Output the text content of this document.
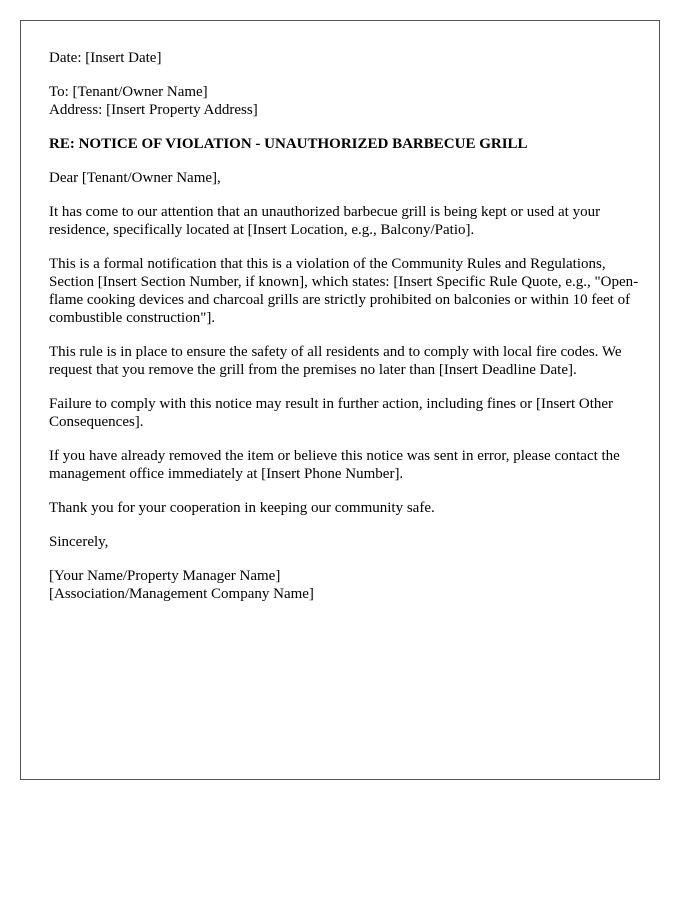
Date: [Insert Date]

To: [Tenant/Owner Name]

Address: [Insert Property Address]

RE: NOTICE OF VIOLATION - UNAUTHORIZED BARBECUE GRILL

Dear [Tenant/Owner Name],

It has come to our attention that an unauthorized barbecue grill is being kept or used at your residence, specifically located at [Insert Location, e.g., Balcony/Patio].

This is a formal notification that this is a violation of the Community Rules and Regulations, Section [Insert Section Number, if known], which states: [Insert Specific Rule Quote, e.g., "Open-flame cooking devices and charcoal grills are strictly prohibited on balconies or within 10 feet of combustible construction"].

This rule is in place to ensure the safety of all residents and to comply with local fire codes. We request that you remove the grill from the premises no later than [Insert Deadline Date].

Failure to comply with this notice may result in further action, including fines or [Insert Other Consequences].

If you have already removed the item or believe this notice was sent in error, please contact the management office immediately at [Insert Phone Number].

Thank you for your cooperation in keeping our community safe.

Sincerely,

[Your Name/Property Manager Name]

[Association/Management Company Name]
